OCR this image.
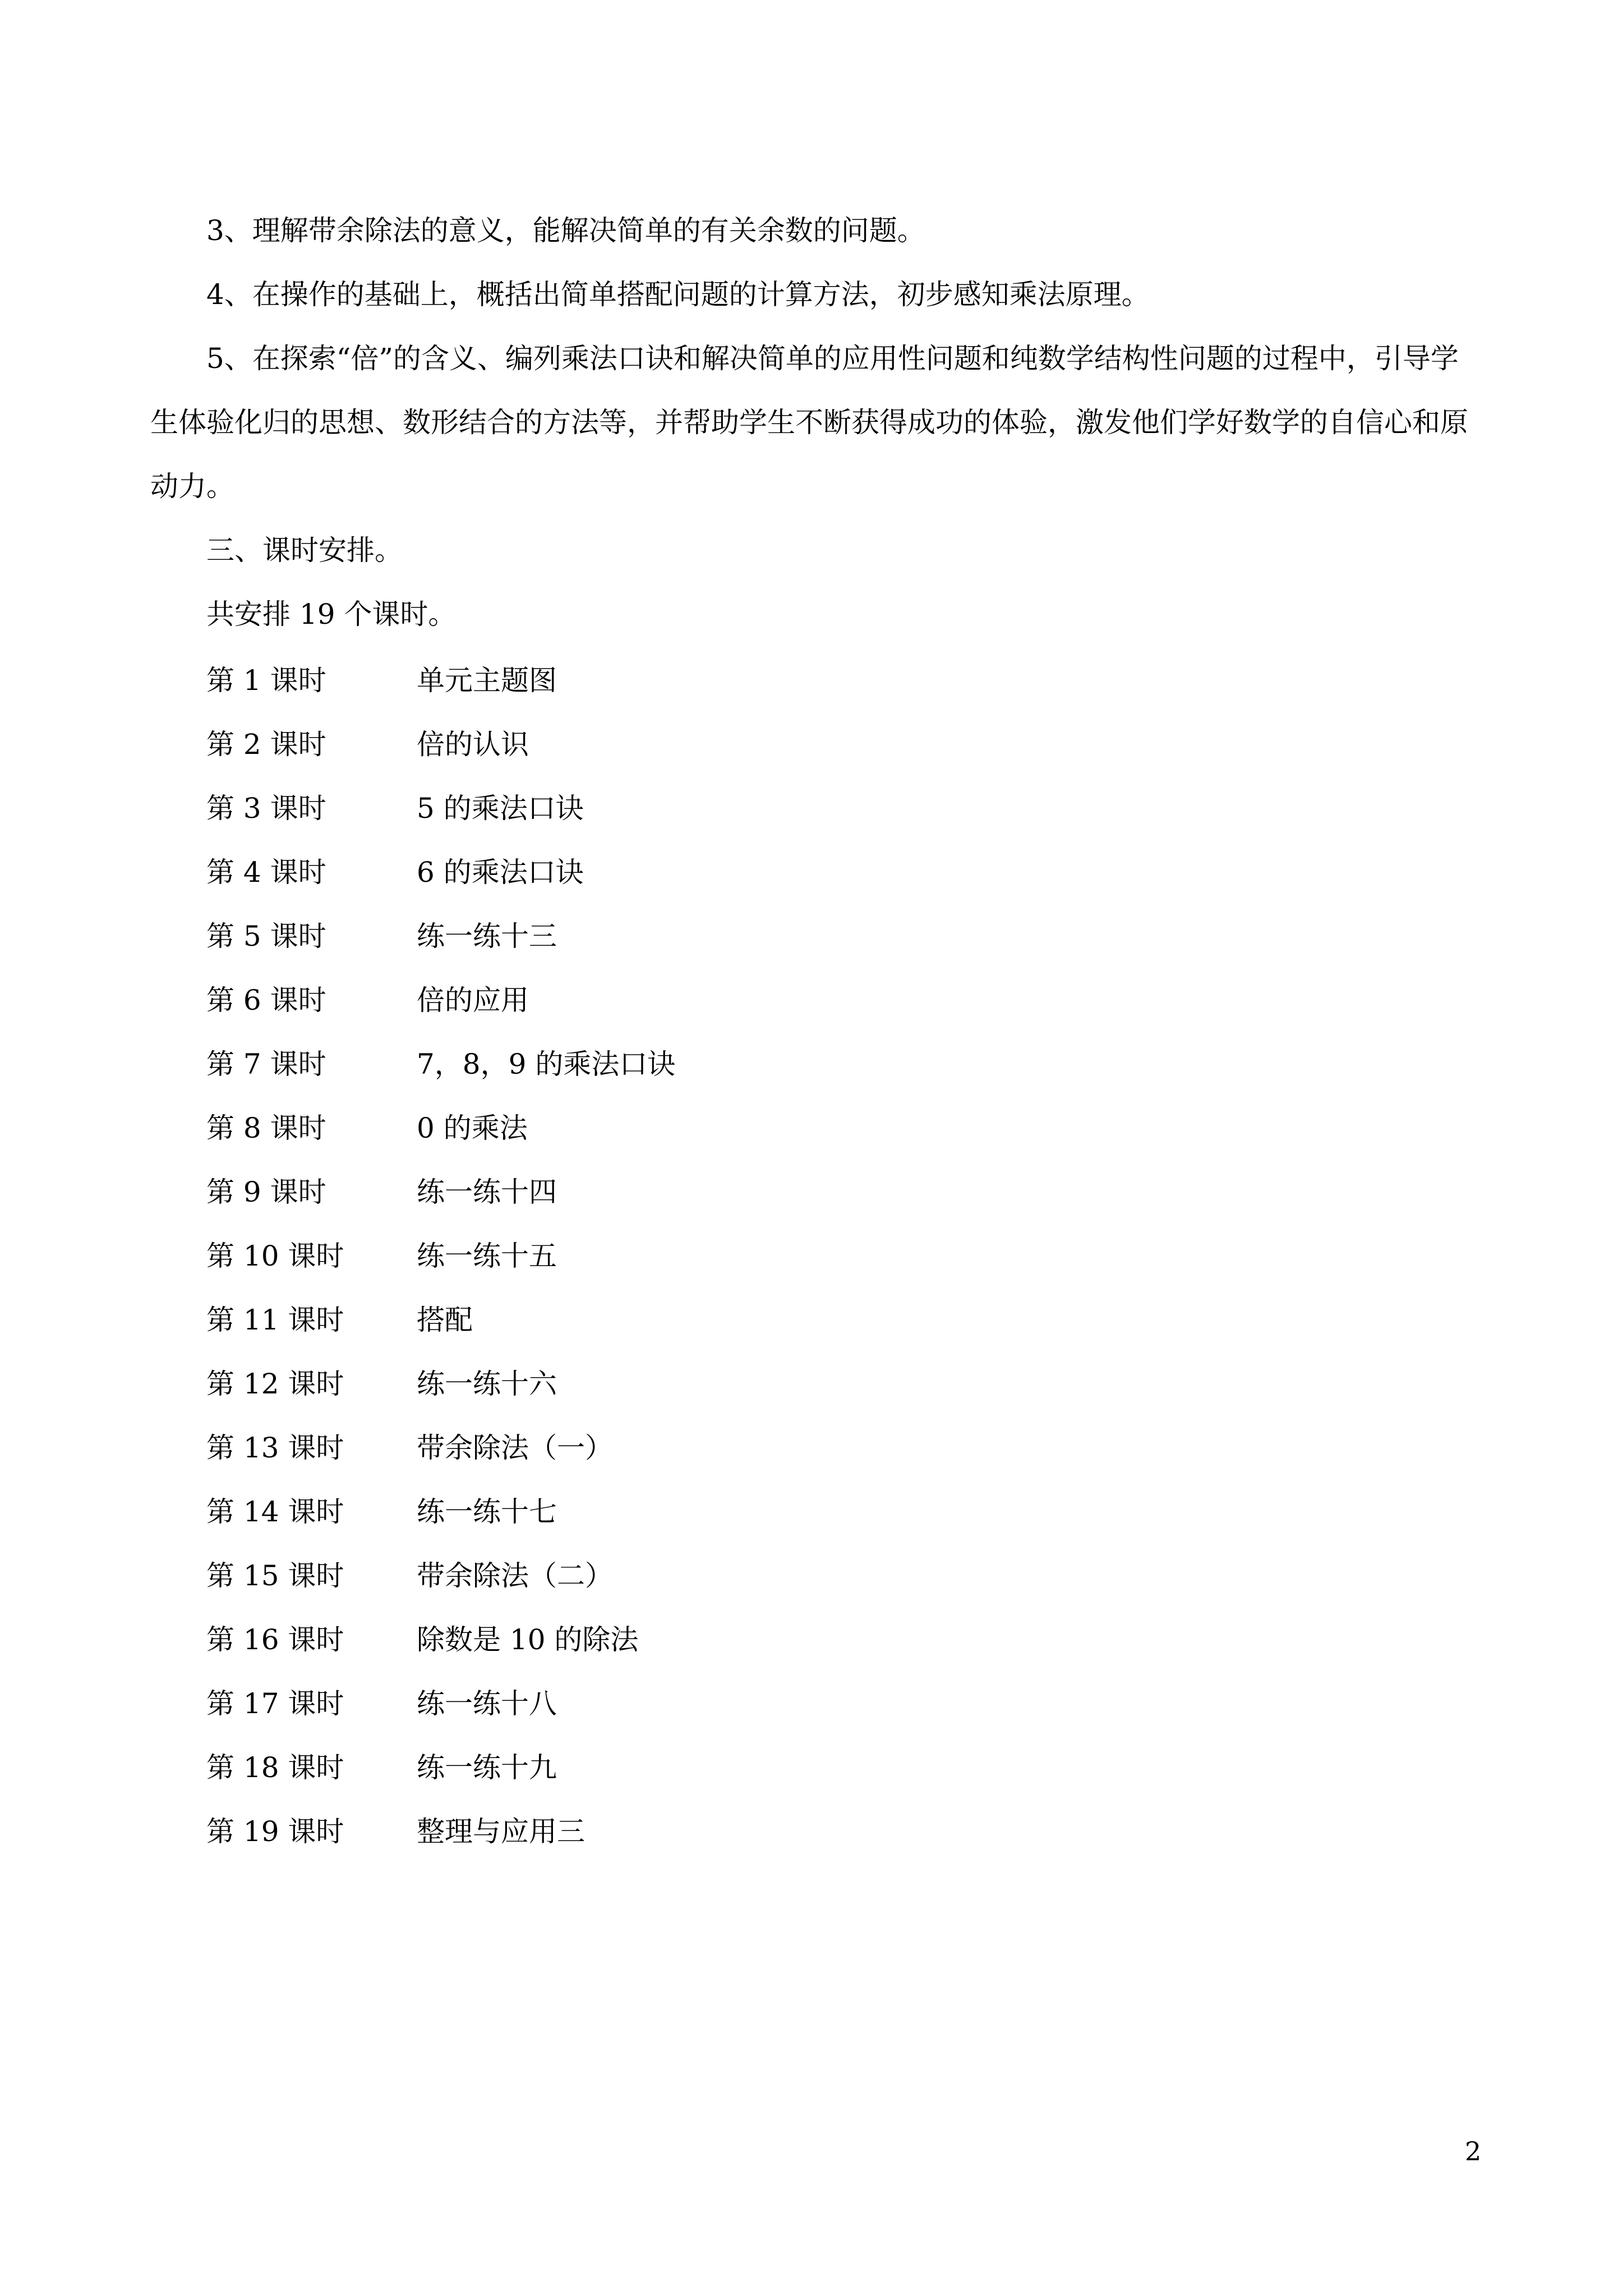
3、理解带余除法的意义，能解决简单的有关余数的问题。

4、在操作的基础上，概括出简单搭配问题的计算方法，初步感知乘法原理。

5、在探索“倍”的含义、编列乘法口诀和解决简单的应用性问题和纯数学结构性问题的过程中，引导学生体验化归的思想、数形结合的方法等，并帮助学生不断获得成功的体验，激发他们学好数学的自信心和原动力。

三、课时安排。

共安排 19 个课时。

第 1 课时	单元主题图
第 2 课时	倍的认识
第 3 课时	5 的乘法口诀
第 4 课时	6 的乘法口诀
第 5 课时	练一练十三
第 6 课时	倍的应用
第 7 课时	7，8，9 的乘法口诀
第 8 课时	0 的乘法
第 9 课时	练一练十四
第 10 课时	练一练十五
第 11 课时	搭配
第 12 课时	练一练十六
第 13 课时	带余除法（一）
第 14 课时	练一练十七
第 15 课时	带余除法（二）
第 16 课时	除数是 10 的除法
第 17 课时	练一练十八
第 18 课时	练一练十九
第 19 课时	整理与应用三
2
